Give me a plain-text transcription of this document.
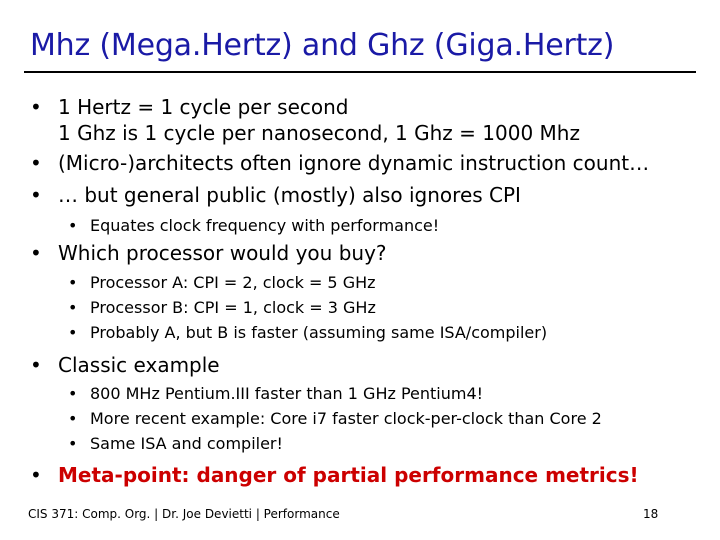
Mhz (Mega.Hertz) and Ghz (Giga.Hertz)
• 1 Hertz = 1 cycle per second
1 Ghz is 1 cycle per nanosecond, 1 Ghz = 1000 Mhz
• (Micro-)architects often ignore dynamic instruction count…
• … but general public (mostly) also ignores CPI
• Equates clock frequency with performance!
• Which processor would you buy?
• Processor A: CPI = 2, clock = 5 GHz
• Processor B: CPI = 1, clock = 3 GHz
• Probably A, but B is faster (assuming same ISA/compiler)
• Classic example
• 800 MHz Pentium.III faster than 1 GHz Pentium4!
• More recent example: Core i7 faster clock-per-clock than Core 2
• Same ISA and compiler!
• Meta-point: danger of partial performance metrics!
CIS 371: Comp. Org. | Dr. Joe Devietti | Performance	18
